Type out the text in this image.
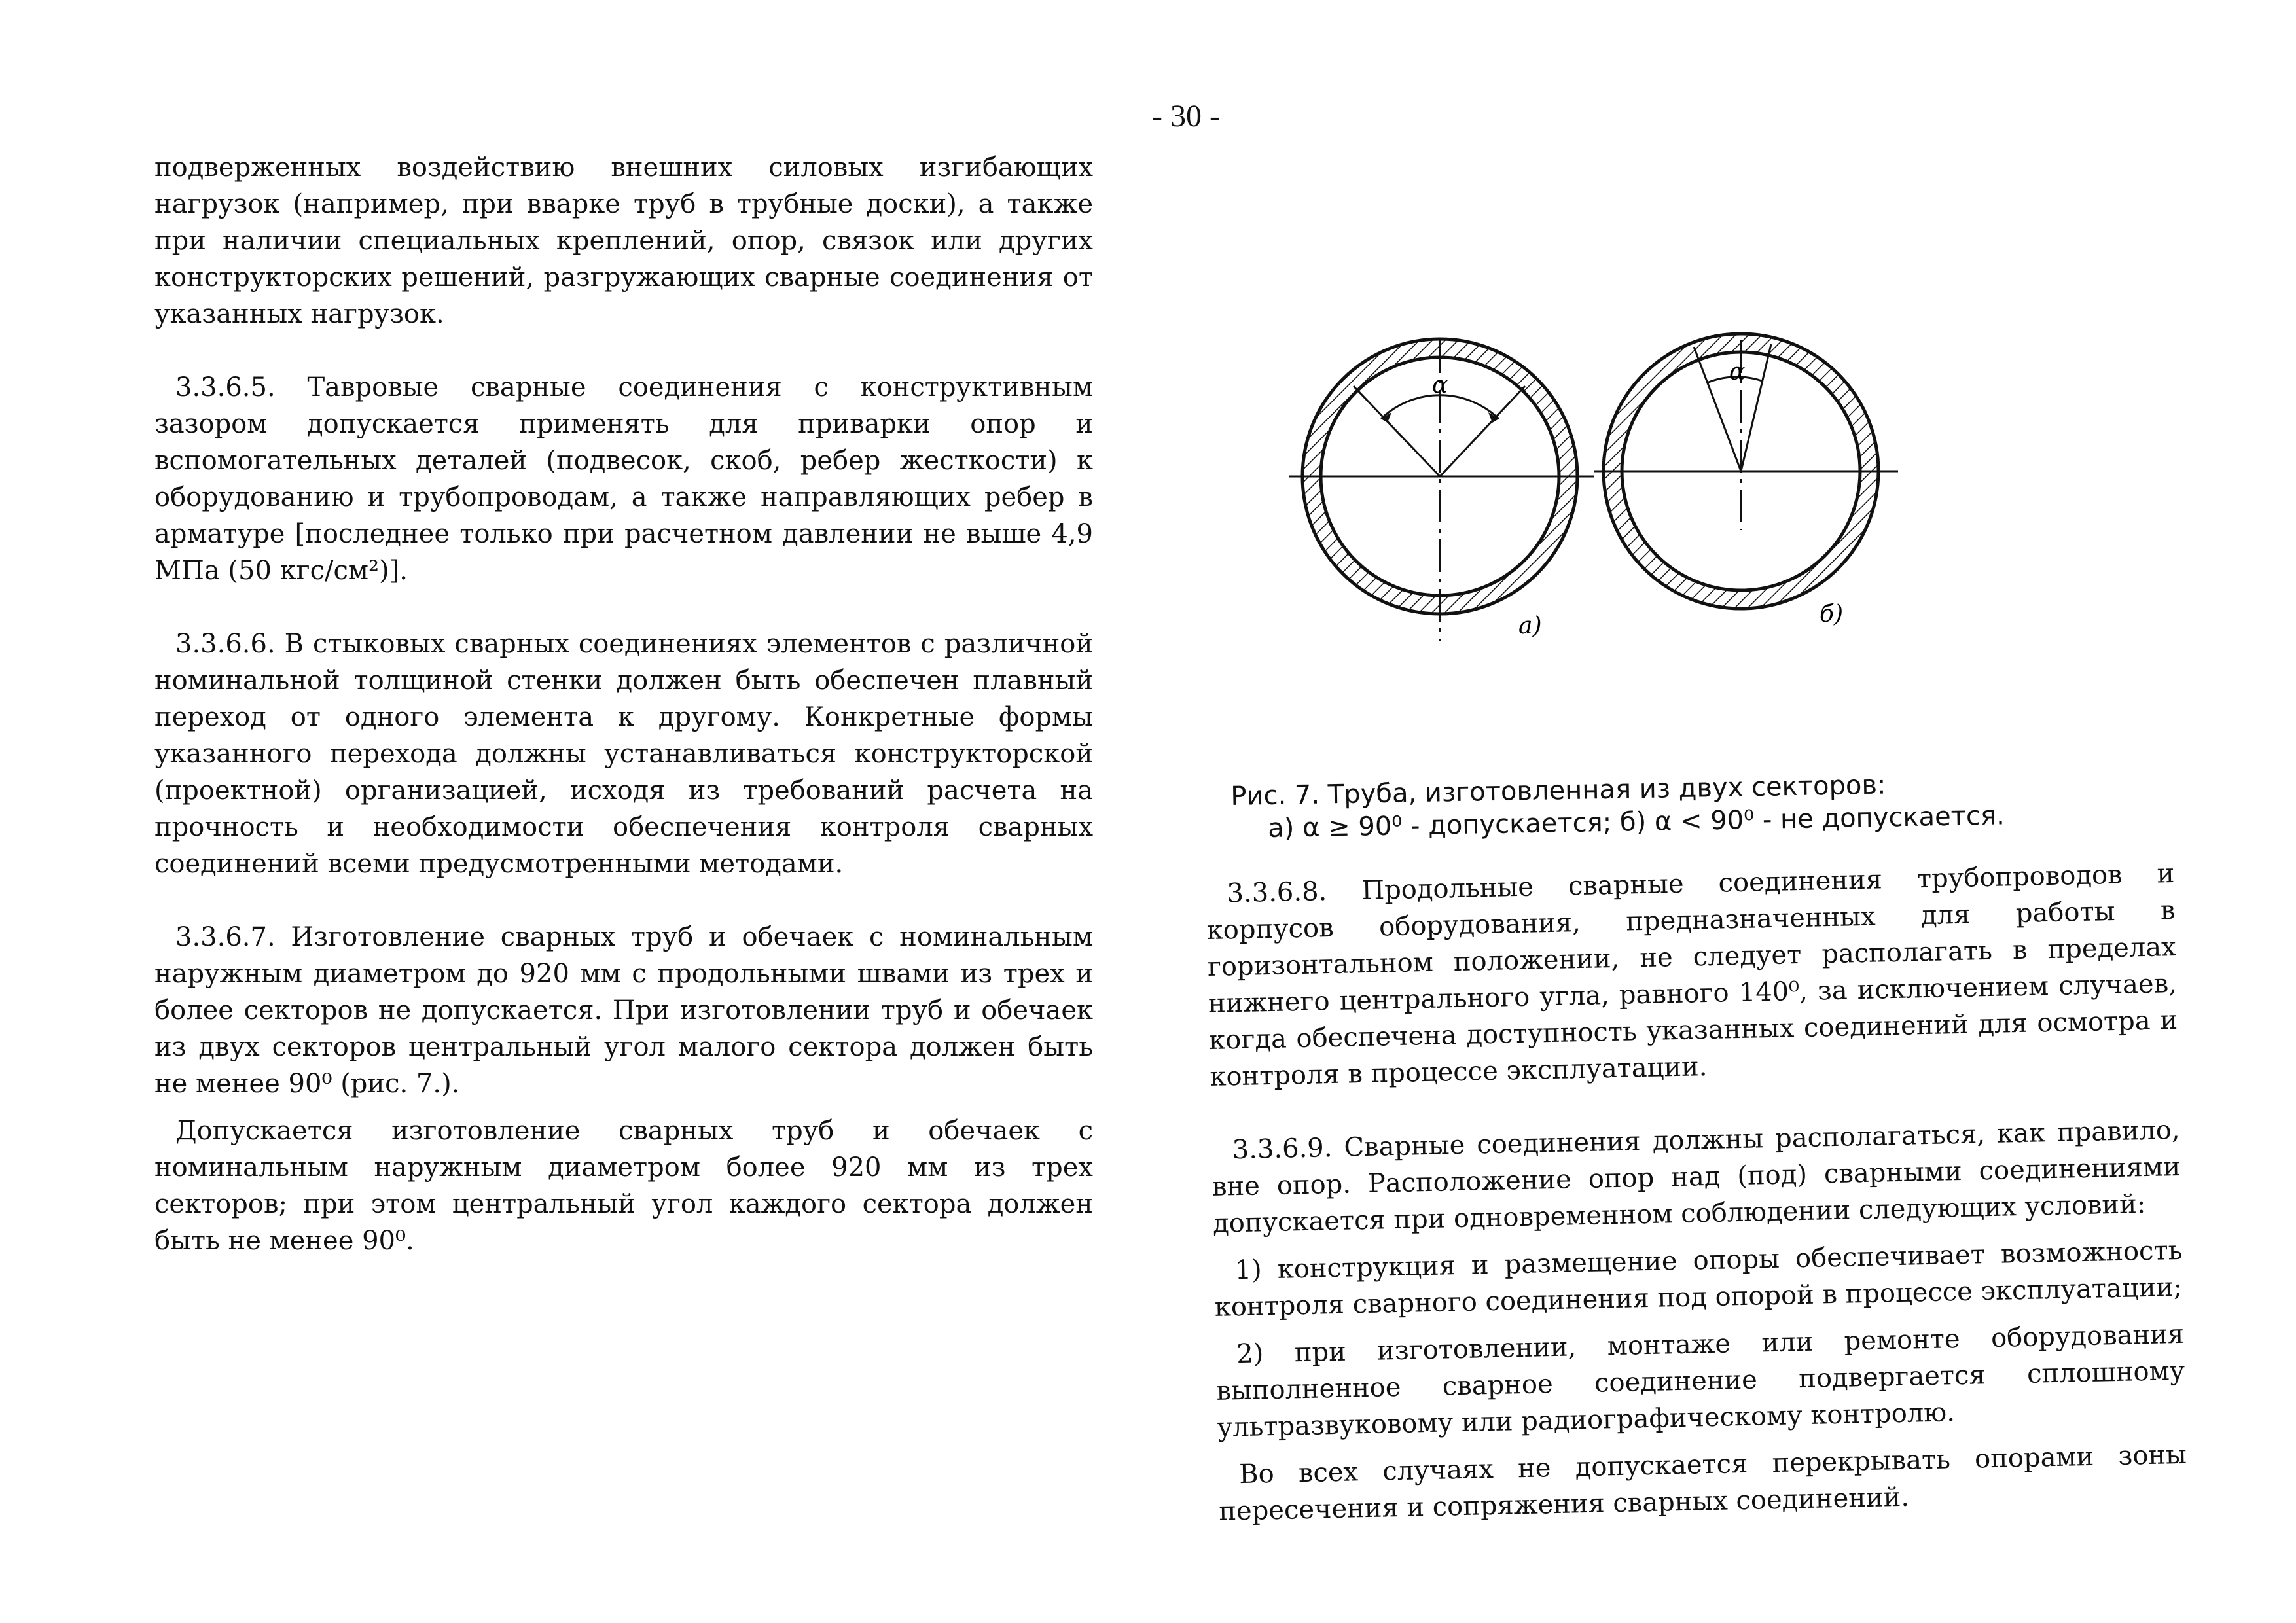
- 30 -

подверженных воздействию внешних силовых изгибающих нагрузок (например, при вварке труб в трубные доски), а также при наличии специальных креплений, опор, связок или других конструкторских решений, разгружающих сварные соединения от указанных нагрузок.

3.3.6.5. Тавровые сварные соединения с конструктивным зазором допускается применять для приварки опор и вспомогательных деталей (подвесок, скоб, ребер жесткости) к оборудованию и трубопроводам, а также направляющих ребер в арматуре [последнее только при расчетном давлении не выше 4,9 МПа (50 кгс/см²)].

3.3.6.6. В стыковых сварных соединениях элементов с различной номинальной толщиной стенки должен быть обеспечен плавный переход от одного элемента к другому. Конкретные формы указанного перехода должны устанавливаться конструкторской (проектной) организацией, исходя из требований расчета на прочность и необходимости обеспечения контроля сварных соединений всеми предусмотренными методами.

3.3.6.7. Изготовление сварных труб и обечаек с номинальным наружным диаметром до 920 мм с продольными швами из трех и более секторов не допускается. При изготовлении труб и обечаек из двух секторов центральный угол малого сектора должен быть не менее 90⁰ (рис. 7.).

Допускается изготовление сварных труб и обечаек с номинальным наружным диаметром более 920 мм из трех секторов; при этом центральный угол каждого сектора должен быть не менее 90⁰.

α
а)
α
б)
Рис. 7. Труба, изготовленная из двух секторов:
а) α ≥ 90⁰ - допускается; б) α < 90⁰ - не допускается.

3.3.6.8. Продольные сварные соединения трубопроводов и корпусов оборудования, предназначенных для работы в горизонтальном положении, не следует располагать в пределах нижнего центрального угла, равного 140⁰, за исключением случаев, когда обеспечена доступность указанных соединений для осмотра и контроля в процессе эксплуатации.

3.3.6.9. Сварные соединения должны располагаться, как правило, вне опор. Расположение опор над (под) сварными соединениями допускается при одновременном соблюдении следующих условий:

1) конструкция и размещение опоры обеспечивает возможность контроля сварного соединения под опорой в процессе эксплуатации;

2) при изготовлении, монтаже или ремонте оборудования выполненное сварное соединение подвергается сплошному ультразвуковому или радиографическому контролю.

Во всех случаях не допускается перекрывать опорами зоны пересечения и сопряжения сварных соединений.
